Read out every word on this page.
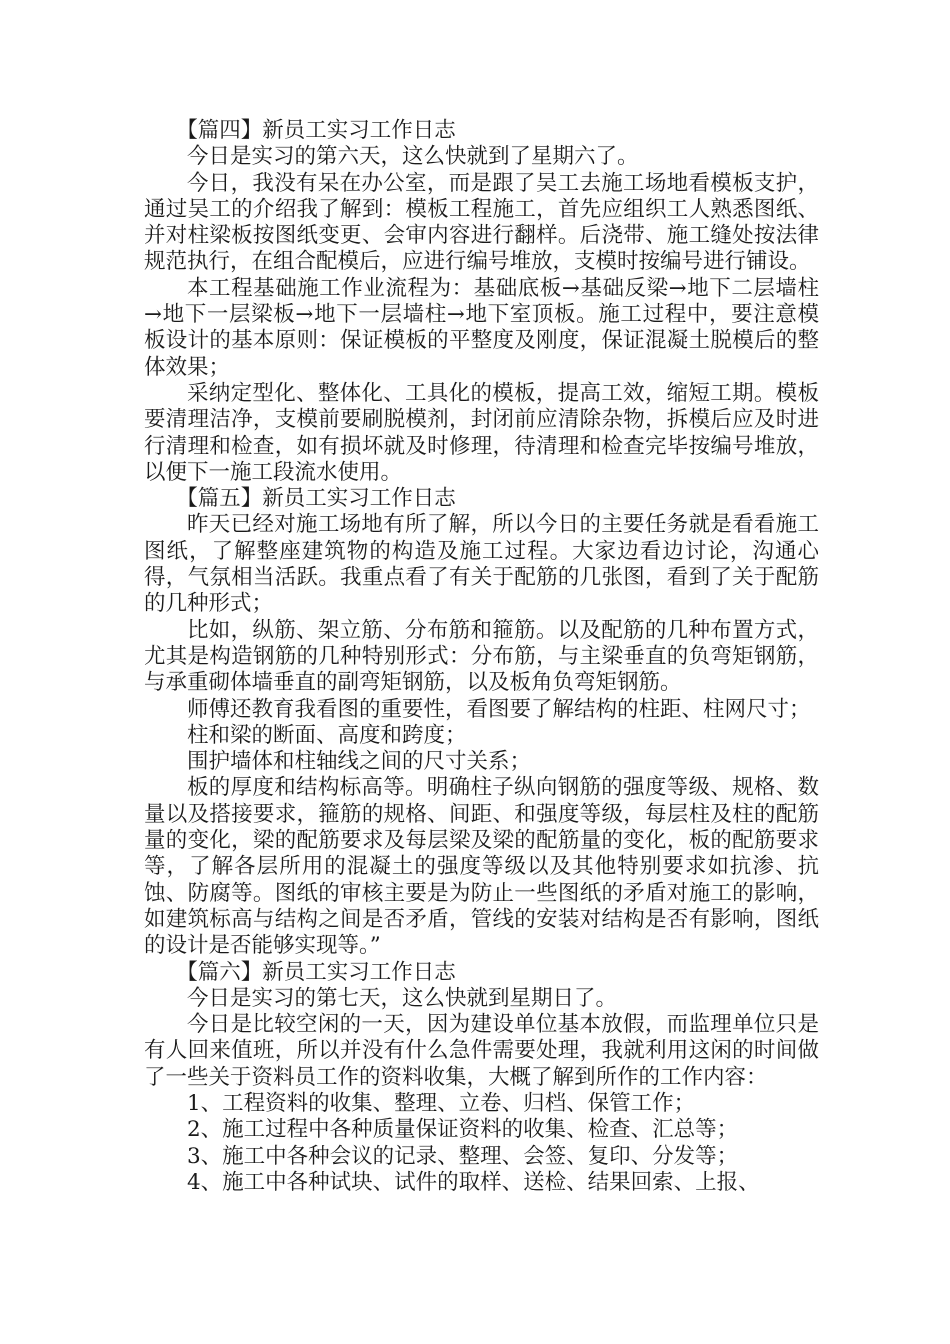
【篇四】新员工实习工作日志

今日是实习的第六天，这么快就到了星期六了。

今日，我没有呆在办公室，而是跟了吴工去施工场地看模板支护，通过吴工的介绍我了解到：模板工程施工，首先应组织工人熟悉图纸、并对柱梁板按图纸变更、会审内容进行翻样。后浇带、施工缝处按法律规范执行，在组合配模后，应进行编号堆放，支模时按编号进行铺设。

本工程基础施工作业流程为：基础底板→基础反梁→地下二层墙柱→地下一层梁板→地下一层墙柱→地下室顶板。施工过程中，要注意模板设计的基本原则：保证模板的平整度及刚度，保证混凝土脱模后的整体效果；

采纳定型化、整体化、工具化的模板，提高工效，缩短工期。模板要清理洁净，支模前要刷脱模剂，封闭前应清除杂物，拆模后应及时进行清理和检查，如有损坏就及时修理，待清理和检查完毕按编号堆放，以便下一施工段流水使用。

【篇五】新员工实习工作日志

昨天已经对施工场地有所了解，所以今日的主要任务就是看看施工图纸，了解整座建筑物的构造及施工过程。大家边看边讨论，沟通心得，气氛相当活跃。我重点看了有关于配筋的几张图，看到了关于配筋的几种形式；

比如，纵筋、架立筋、分布筋和箍筋。以及配筋的几种布置方式，尤其是构造钢筋的几种特别形式：分布筋，与主梁垂直的负弯矩钢筋，与承重砌体墙垂直的副弯矩钢筋，以及板角负弯矩钢筋。

师傅还教育我看图的重要性，看图要了解结构的柱距、柱网尺寸；

柱和梁的断面、高度和跨度；

围护墙体和柱轴线之间的尺寸关系；

板的厚度和结构标高等。明确柱子纵向钢筋的强度等级、规格、数量以及搭接要求，箍筋的规格、间距、和强度等级，每层柱及柱的配筋量的变化，梁的配筋要求及每层梁及梁的配筋量的变化，板的配筋要求等，了解各层所用的混凝土的强度等级以及其他特别要求如抗渗、抗蚀、防腐等。图纸的审核主要是为防止一些图纸的矛盾对施工的影响，如建筑标高与结构之间是否矛盾，管线的安装对结构是否有影响，图纸的设计是否能够实现等。”

【篇六】新员工实习工作日志

今日是实习的第七天，这么快就到星期日了。

今日是比较空闲的一天，因为建设单位基本放假，而监理单位只是有人回来值班，所以并没有什么急件需要处理，我就利用这闲的时间做了一些关于资料员工作的资料收集，大概了解到所作的工作内容：

1、工程资料的收集、整理、立卷、归档、保管工作；

2、施工过程中各种质量保证资料的收集、检查、汇总等；

3、施工中各种会议的记录、整理、会签、复印、分发等；

4、施工中各种试块、试件的取样、送检、结果回索、上报、
